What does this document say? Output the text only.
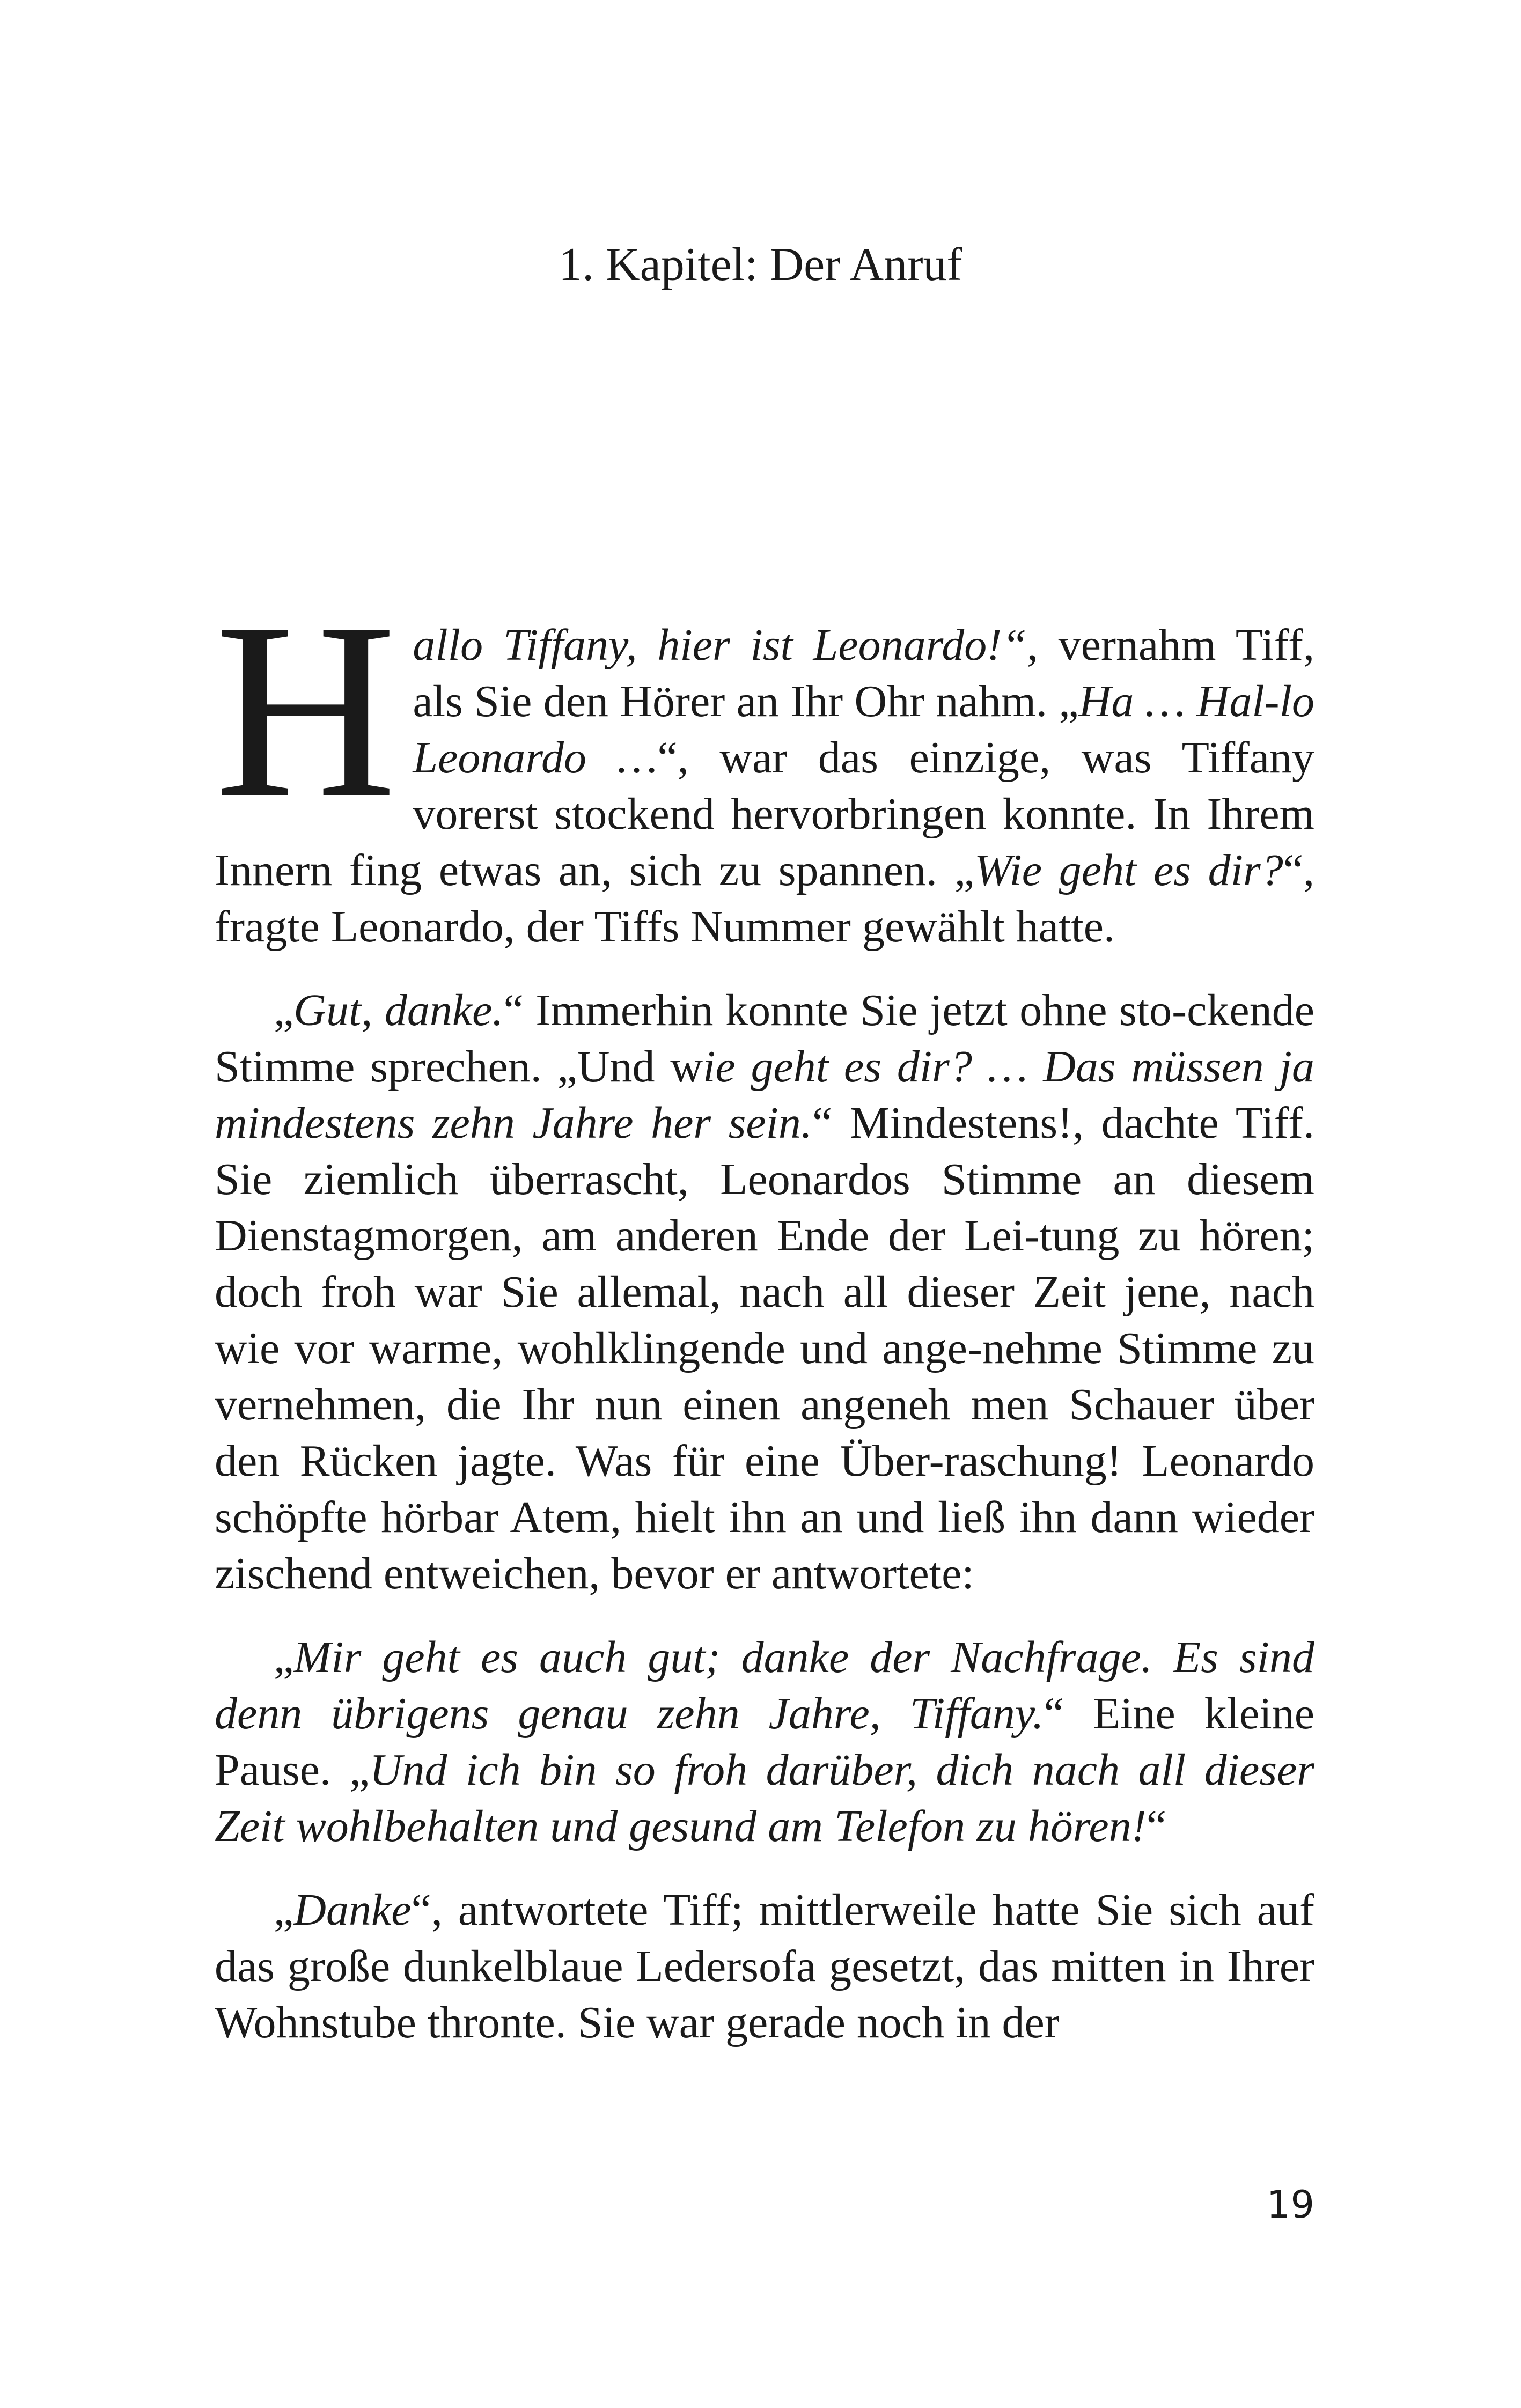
1. Kapitel: Der Anruf

Hallo Tiffany, hier ist Leonardo!“, vernahm Tiff, als Sie den Hörer an Ihr Ohr nahm. „Ha … Hal-lo Leonardo …“, war das einzige, was Tiffany vorerst stockend hervorbringen konnte. In Ihrem Innern fing etwas an, sich zu spannen. „Wie geht es dir?“, fragte Leonardo, der Tiffs Nummer gewählt hatte.

„Gut, danke.“ Immerhin konnte Sie jetzt ohne sto-ckende Stimme sprechen. „Und wie geht es dir? … Das müssen ja mindestens zehn Jahre her sein.“ Mindestens!, dachte Tiff. Sie ziemlich überrascht, Leonardos Stimme an diesem Dienstagmorgen, am anderen Ende der Lei-tung zu hören; doch froh war Sie allemal, nach all dieser Zeit jene, nach wie vor warme, wohlklingende und ange-nehme Stimme zu vernehmen, die Ihr nun einen angeneh men Schauer über den Rücken jagte. Was für eine Über-raschung! Leonardo schöpfte hörbar Atem, hielt ihn an und ließ ihn dann wieder zischend entweichen, bevor er antwortete:

„Mir geht es auch gut; danke der Nachfrage. Es sind denn übrigens genau zehn Jahre, Tiffany.“ Eine kleine Pause. „Und ich bin so froh darüber, dich nach all dieser Zeit wohlbehalten und gesund am Telefon zu hören!“

„Danke“, antwortete Tiff; mittlerweile hatte Sie sich auf das große dunkelblaue Ledersofa gesetzt, das mitten in Ihrer Wohnstube thronte. Sie war gerade noch in der

19
